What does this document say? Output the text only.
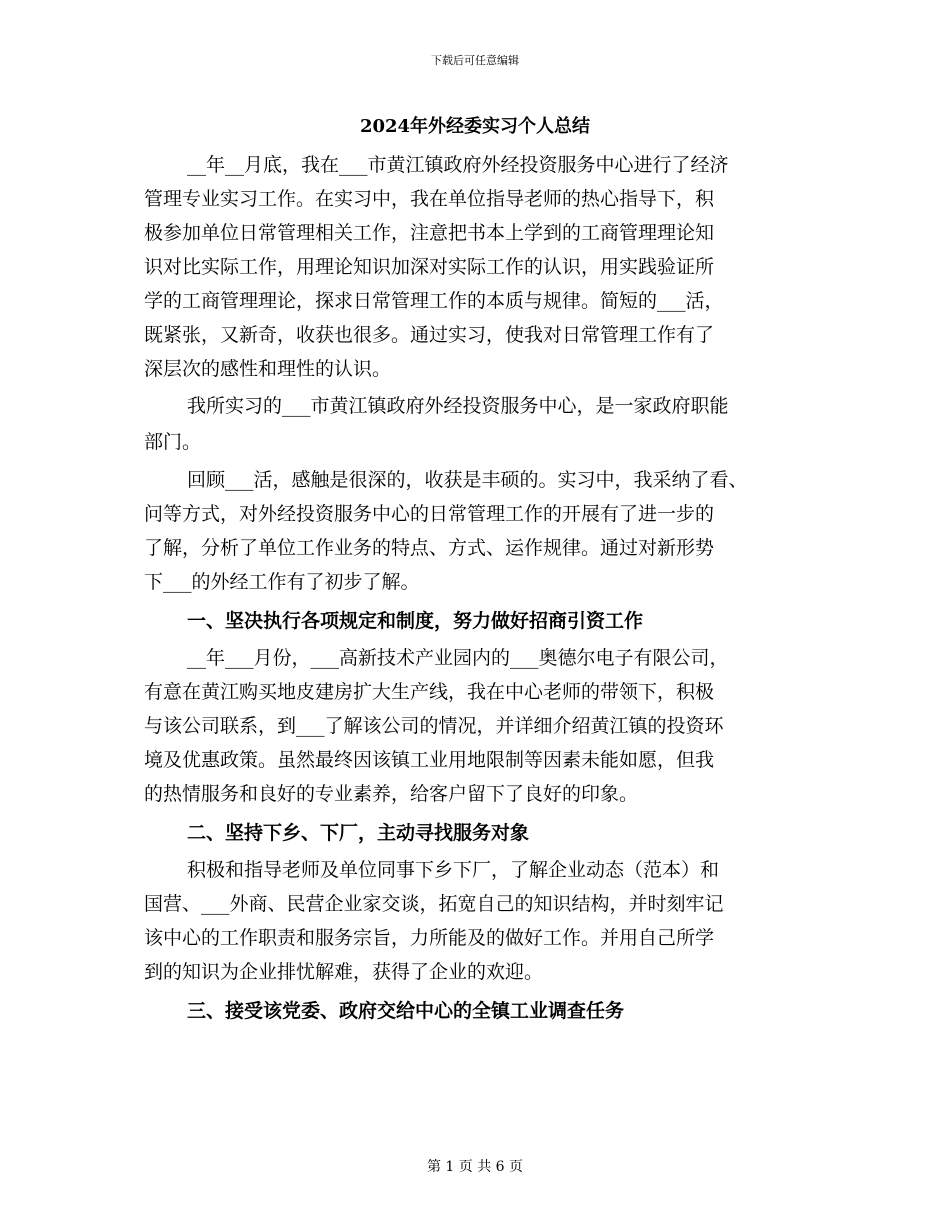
下载后可任意编辑
2024年外经委实习个人总结
__年__月底，我在___市黄江镇政府外经投资服务中心进行了经济
管理专业实习工作。在实习中，我在单位指导老师的热心指导下，积
极参加单位日常管理相关工作，注意把书本上学到的工商管理理论知
识对比实际工作，用理论知识加深对实际工作的认识，用实践验证所
学的工商管理理论，探求日常管理工作的本质与规律。简短的___活，
既紧张，又新奇，收获也很多。通过实习，使我对日常管理工作有了
深层次的感性和理性的认识。
我所实习的___市黄江镇政府外经投资服务中心，是一家政府职能
部门。
回顾___活，感触是很深的，收获是丰硕的。实习中，我采纳了看、
问等方式，对外经投资服务中心的日常管理工作的开展有了进一步的
了解，分析了单位工作业务的特点、方式、运作规律。通过对新形势
下___的外经工作有了初步了解。
一、坚决执行各项规定和制度，努力做好招商引资工作
__年___月份，___高新技术产业园内的___奥德尔电子有限公司，
有意在黄江购买地皮建房扩大生产线，我在中心老师的带领下，积极
与该公司联系，到___了解该公司的情况，并详细介绍黄江镇的投资环
境及优惠政策。虽然最终因该镇工业用地限制等因素未能如愿，但我
的热情服务和良好的专业素养，给客户留下了良好的印象。
二、坚持下乡、下厂，主动寻找服务对象
积极和指导老师及单位同事下乡下厂，了解企业动态（范本）和
国营、___外商、民营企业家交谈，拓宽自己的知识结构，并时刻牢记
该中心的工作职责和服务宗旨，力所能及的做好工作。并用自己所学
到的知识为企业排忧解难，获得了企业的欢迎。
三、接受该党委、政府交给中心的全镇工业调查任务
第 1 页 共 6 页
